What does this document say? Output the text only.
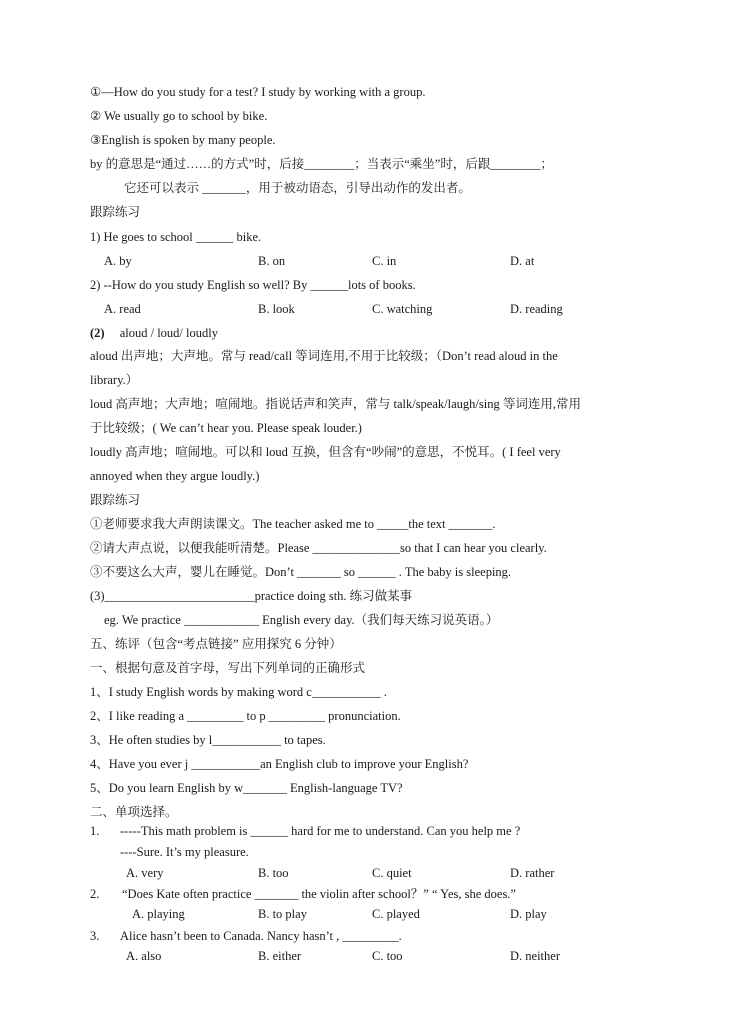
①—How do you study for a test? I study by working with a group.
② We usually go to school by bike.
③English is spoken by many people.
by 的意思是“通过……的方式”时，后接________；当表示“乘坐”时，后跟________；
它还可以表示 _______，用于被动语态，引导出动作的发出者。
跟踪练习
1) He goes to school ______ bike.
A. by	B. on	C. in	D. at
2) --How do you study English so well? By ______lots of books.
A. read	B. look	C. watching	D. reading
(2) aloud / loud/ loudly
aloud 出声地；大声地。常与 read/call 等词连用,不用于比较级；（Don’t read aloud in the
library.）
loud 高声地；大声地；喧闹地。指说话声和笑声，常与 talk/speak/laugh/sing 等词连用,常用
于比较级；( We can’t hear you. Please speak louder.)
loudly 高声地；喧闹地。可以和 loud 互换，但含有“吵闹”的意思，不悦耳。( I feel very
annoyed when they argue loudly.)
跟踪练习
①老师要求我大声朗读课文。The teacher asked me to _____the text _______.
②请大声点说，以便我能听清楚。Please ______________so that I can hear you clearly.
③不要这么大声，婴儿在睡觉。Don’t _______ so ______ . The baby is sleeping.
(3)________________________practice doing sth. 练习做某事
eg. We practice ____________ English every day.（我们每天练习说英语。）
五、练评（包含“考点链接” 应用探究 6 分钟）
一、根据句意及首字母，写出下列单词的正确形式
1、I study English words by making word c___________ .
2、I like reading a _________ to p _________ pronunciation.
3、He often studies by l___________ to tapes.
4、Have you ever j ___________an English club to improve your English?
5、Do you learn English by w_______ English-language TV?
二、单项选择。
1. -----This math problem is ______ hard for me to understand. Can you help me ?
----Sure. It’s my pleasure.
A. very	B. too	C. quiet	D. rather
2. “Does Kate often practice _______ the violin after school？” “ Yes, she does.”
A. playing	B. to play	C. played	D. play
3. Alice hasn’t been to Canada. Nancy hasn’t , _________.
A. also	B. either	C. too	D. neither
